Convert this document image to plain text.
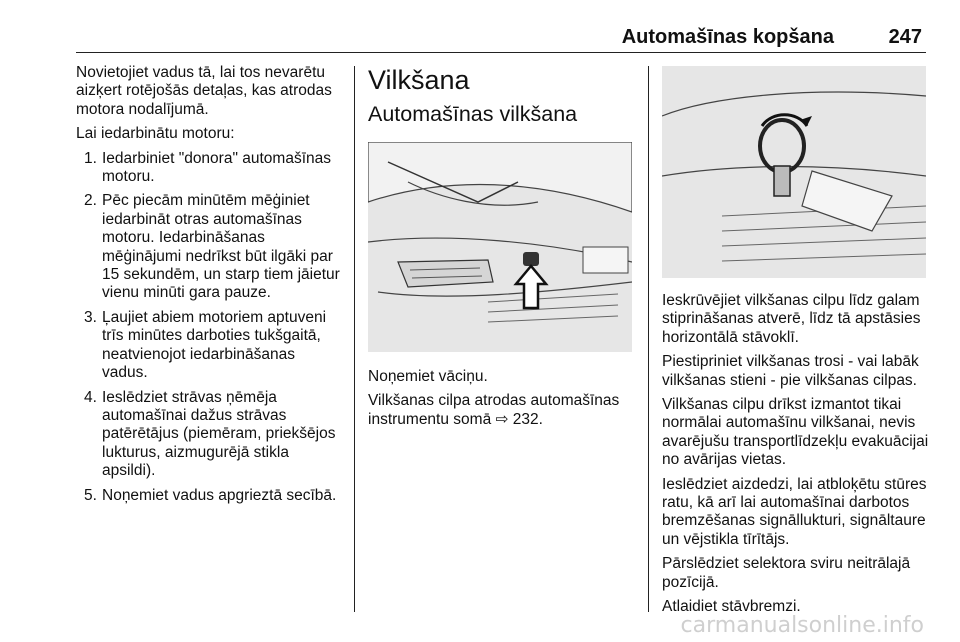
Automašīnas kopšana	247

Novietojiet vadus tā, lai tos nevarētu aizķert rotējošās detaļas, kas atrodas motora nodalījumā.

Lai iedarbinātu motoru:

1. Iedarbiniet "donora" automašīnas motoru.
2. Pēc piecām minūtēm mēģiniet iedarbināt otras automašīnas motoru. Iedarbināšanas mēģinājumi nedrīkst būt ilgāki par 15 sekundēm, un starp tiem jāietur vienu minūti gara pauze.
3. Ļaujiet abiem motoriem aptuveni trīs minūtes darboties tukšgaitā, neatvienojot iedarbināšanas vadus.
4. Ieslēdziet strāvas ņēmēja automašīnai dažus strāvas patērētājus (piemēram, priekšējos lukturus, aizmugurējā stikla apsildi).
5. Noņemiet vadus apgrieztā secībā.
Vilkšana
Automašīnas vilkšana

Noņemiet vāciņu.

Vilkšanas cilpa atrodas automašīnas instrumentu somā ⇨ 232.

Ieskrūvējiet vilkšanas cilpu līdz galam stiprināšanas atverē, līdz tā apstāsies horizontālā stāvoklī.

Piestipriniet vilkšanas trosi - vai labāk vilkšanas stieni - pie vilkšanas cilpas.

Vilkšanas cilpu drīkst izmantot tikai normālai automašīnu vilkšanai, nevis avarējušu transportlīdzekļu evakuācijai no avārijas vietas.

Ieslēdziet aizdedzi, lai atbloķētu stūres ratu, kā arī lai automašīnai darbotos bremzēšanas signāllukturi, signāltaure un vējstikla tīrītājs.

Pārslēdziet selektora sviru neitrālajā pozīcijā.

Atlaidiet stāvbremzi.

carmanualsonline.info
